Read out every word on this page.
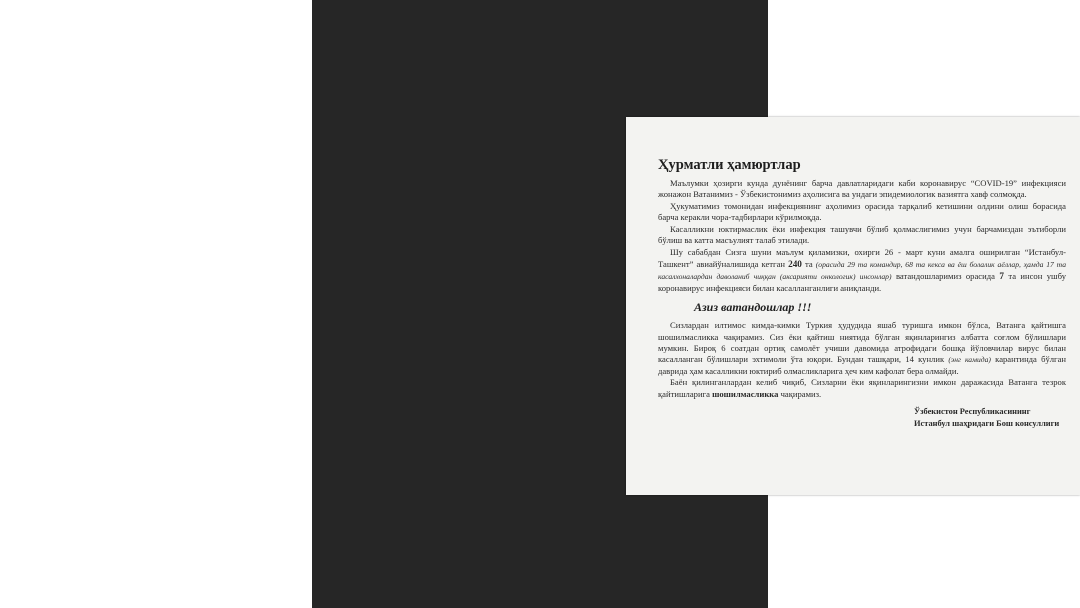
Ҳурматли ҳамюртлар

Маълумки ҳозирги кунда дунёнинг барча давлатларидаги каби коронавирус “COVID-19” инфекцияси жонажон Ватанимиз - Ўзбекистонимиз аҳолисига ва ундаги эпидемиологик вазиятга хавф солмоқда.

Ҳукуматимиз томонидан инфекциянинг аҳолимиз орасида тарқалиб кетишини олдини олиш борасида барча керакли чора-тадбирлари кўрилмоқда.

Касалликни юктирмаслик ёки инфекция ташувчи бўлиб қолмаслигимиз учун барчамиздан эътиборли бўлиш ва катта масъулият талаб этилади.

Шу сабабдан Сизга шуни маълум қиламизки, охирги 26 - март куни амалга оширилган “Истанбул-Ташкент” авиайўналишида кетган 240 та (орасида 29 та командир, 68 та кекса ва ёш болалик аёллар, ҳамда 17 та касалхоналардан даволаниб чиққан (аксарияти онкологик) инсонлар) ватандошларимиз орасида 7 та инсон ушбу коронавирус инфекцияси билан касалланганлиги аниқланди.

Азиз ватандошлар !!!

Сизлардан илтимос кимда-кимки Туркия ҳудудида яшаб туришга имкон бўлса, Ватанга қайтишга шошилмасликка чақирамиз. Сиз ёки қайтиш ниятида бўлган яқинларингиз албатта соғлом бўлишлари мумкин. Бироқ 6 соатдан ортиқ самолёт учиши давомида атрофидаги бошқа йўловчилар вирус билан касалланган бўлишлари эхтимоли ўта юқори. Бундан ташқари, 14 кунлик (энг камида) карантинда бўлган даврида ҳам касалликни юктириб олмасликларига ҳеч ким кафолат бера олмайди.

Баён қилинганлардан келиб чиқиб, Сизларни ёки яқинларингизни имкон даражасида Ватанга тезрок қайтишларига шошилмасликка чақирамиз.

Ўзбекистон Республикасининг
Истанбул шаҳридаги Бош консуллиги
